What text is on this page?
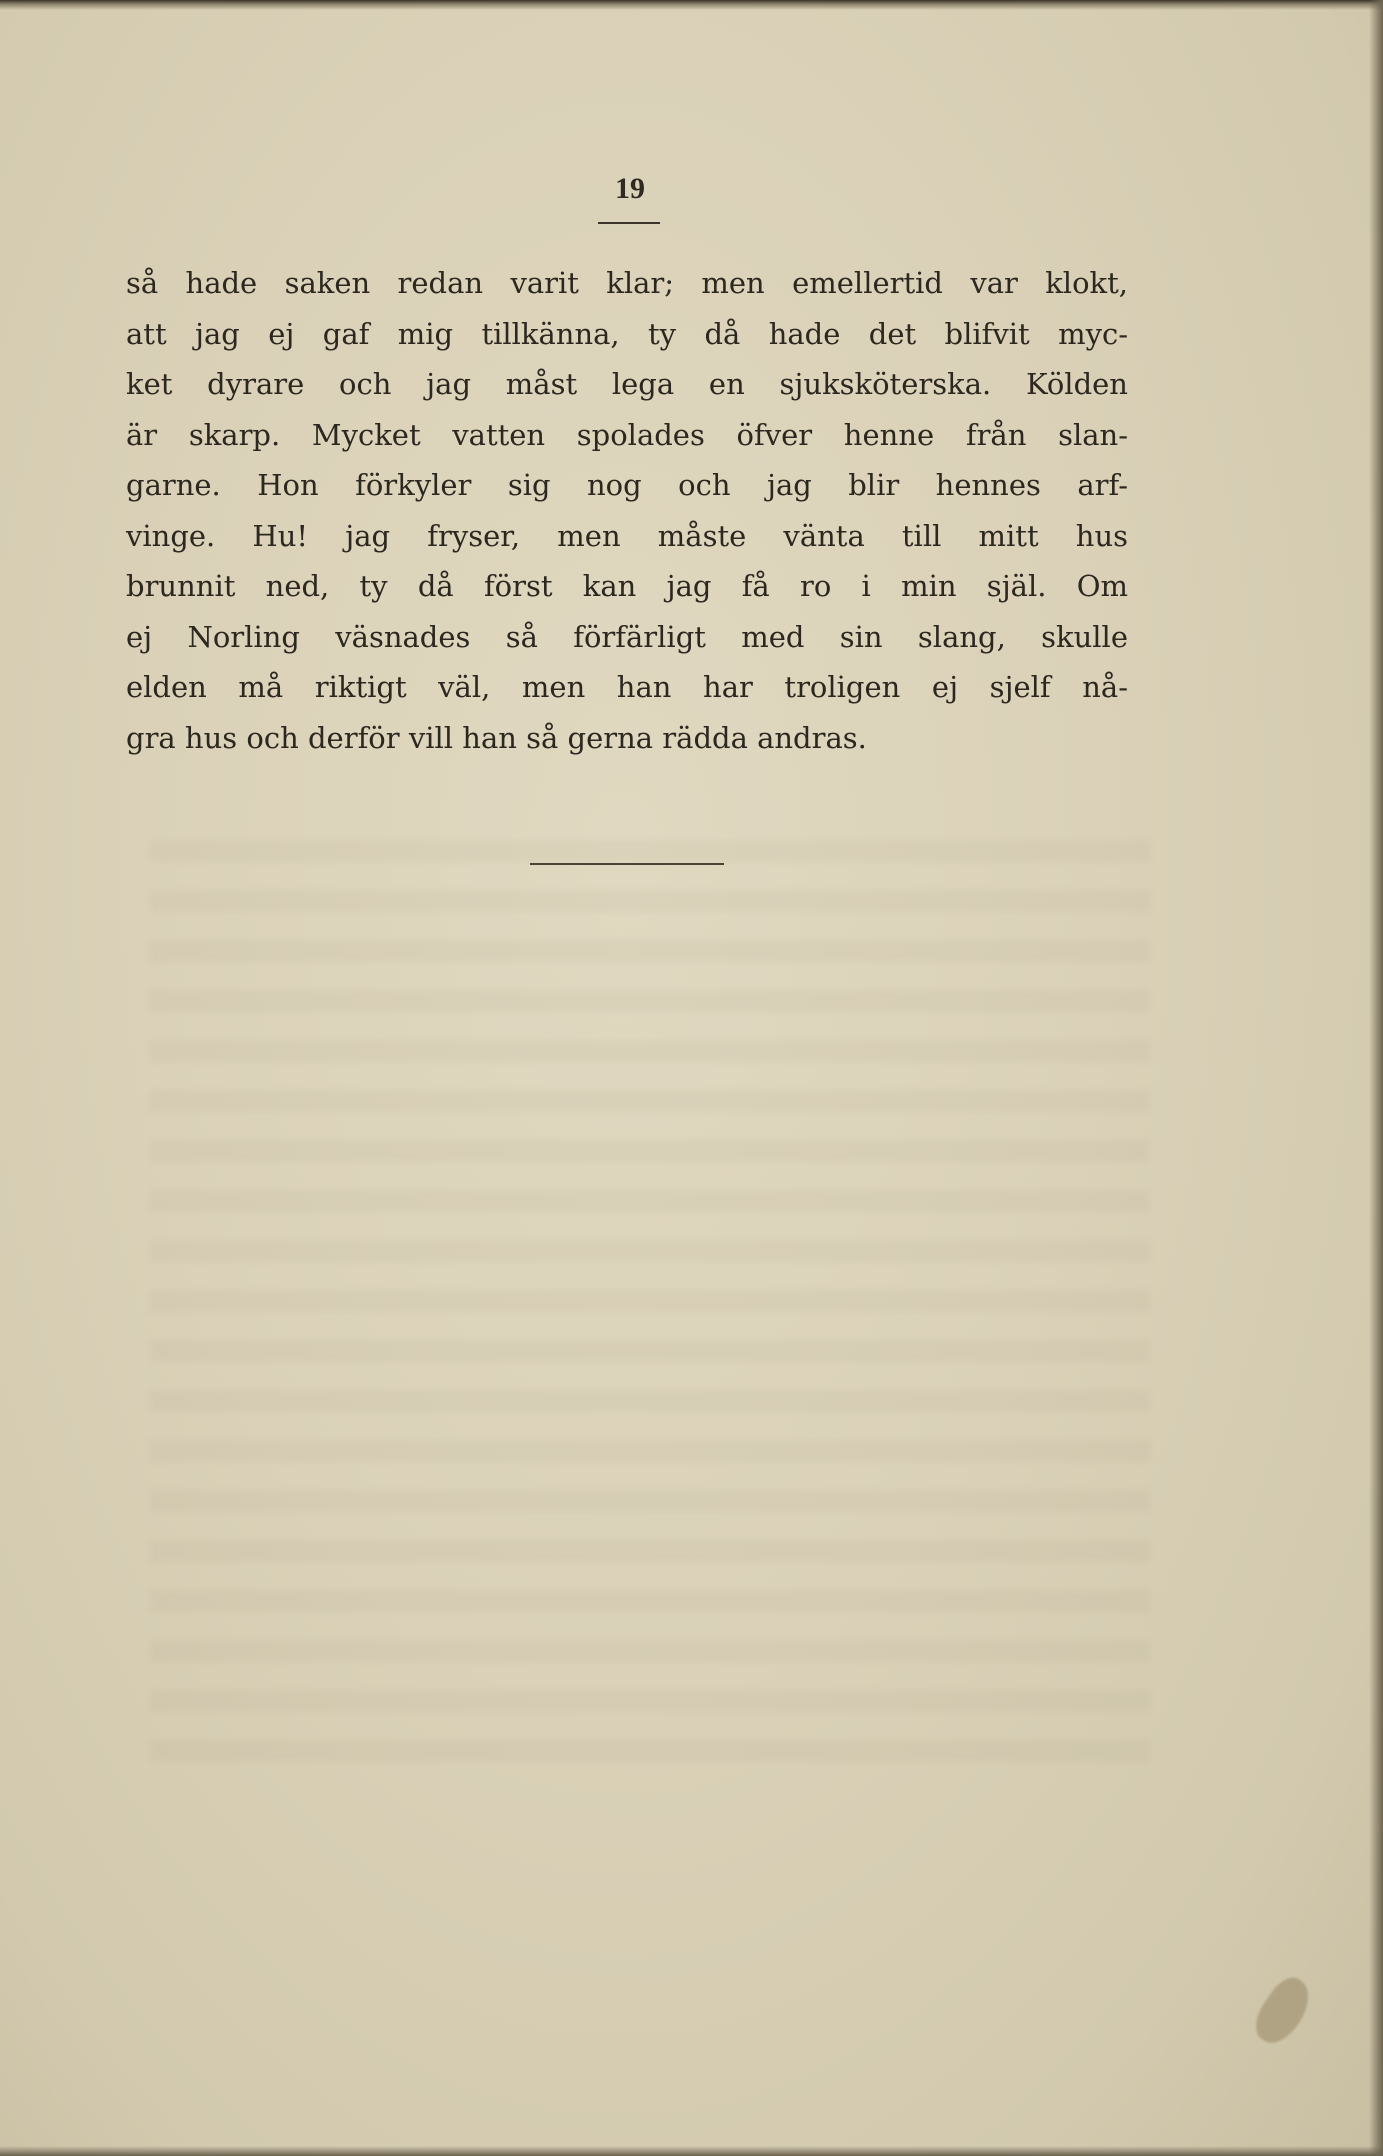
19
så hade saken redan varit klar; men emellertid var klokt,
att jag ej gaf mig tillkänna, ty då hade det blifvit myc-
ket dyrare och jag måst lega en sjuksköterska. Kölden
är skarp. Mycket vatten spolades öfver henne från slan-
garne. Hon förkyler sig nog och jag blir hennes arf-
vinge. Hu! jag fryser, men måste vänta till mitt hus
brunnit ned, ty då först kan jag få ro i min själ. Om
ej Norling väsnades så förfärligt med sin slang, skulle
elden må riktigt väl, men han har troligen ej sjelf nå-
gra hus och derför vill han så gerna rädda andras.
